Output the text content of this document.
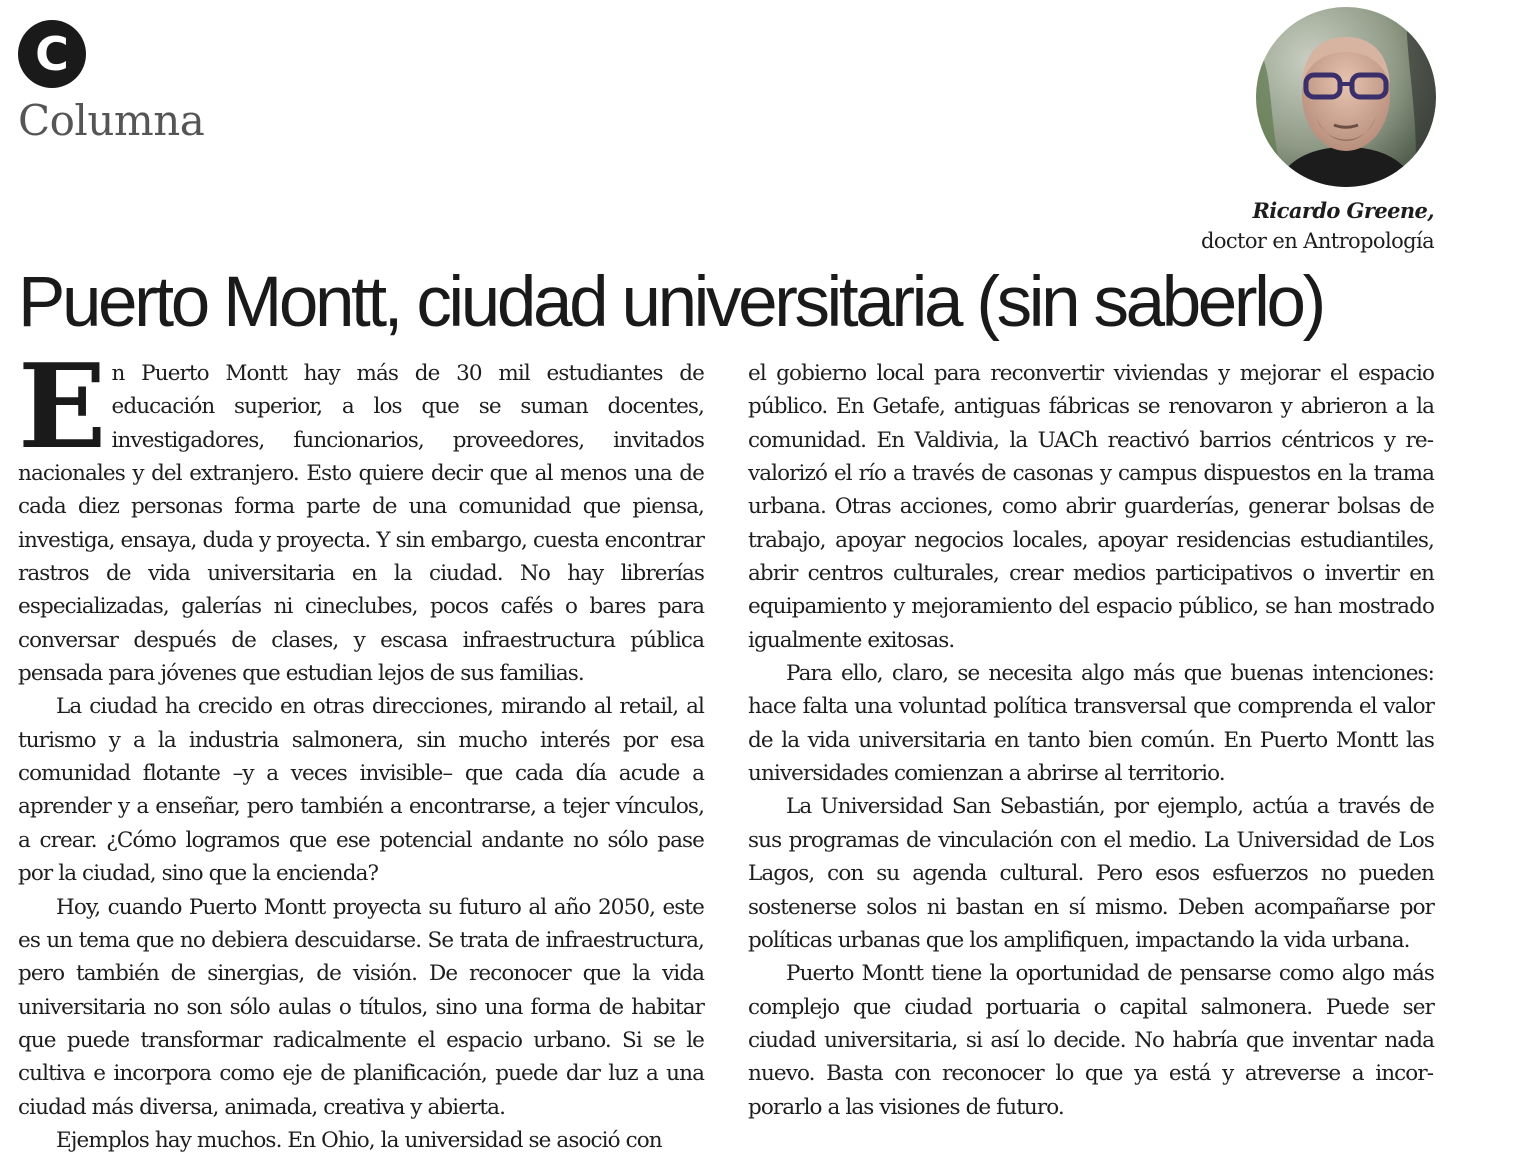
C
Columna
Ricardo Greene,
doctor en Antropología
Puerto Montt, ciudad universitaria (sin saberlo)

En Puerto Montt hay más de 30 mil estudiantes de educación superior, a los que se suman docentes, investigadores, funcionarios, proveedores, invitados nacionales y del extranjero. Esto quiere decir que al menos una de cada diez personas forma parte de una comunidad que piensa, investiga, ensaya, duda y proyecta. Y sin embargo, cuesta encontrar rastros de vida universitaria en la ciudad. No hay librerías especializadas, galerías ni cineclubes, pocos cafés o bares para conversar después de clases, y escasa infraestructura pública pensada para jóvenes que estudian lejos de sus familias.

La ciudad ha crecido en otras direcciones, mirando al retail, al turismo y a la industria salmonera, sin mucho interés por esa comunidad flotante –y a veces invisible– que cada día acude a aprender y a enseñar, pero también a encontrarse, a tejer vínculos, a crear. ¿Cómo logramos que ese potencial andante no sólo pase por la ciudad, sino que la encienda?

Hoy, cuando Puerto Montt proyecta su futuro al año 2050, este es un tema que no debiera descuidarse. Se trata de infraestructura, pero también de sinergias, de visión. De reconocer que la vida universitaria no son sólo aulas o títulos, sino una forma de habitar que puede transformar radicalmente el espacio urbano. Si se le cultiva e incorpora como eje de planificación, puede dar luz a una ciudad más diversa, animada, creativa y abierta.

Ejemplos hay muchos. En Ohio, la universidad se asoció con

el gobierno local para reconvertir viviendas y mejorar el espacio público. En Getafe, antiguas fábricas se renovaron y abrieron a la comunidad. En Valdivia, la UACh reactivó barrios céntricos y revalorizó el río a través de casonas y campus dispuestos en la trama urbana. Otras acciones, como abrir guarderías, generar bolsas de trabajo, apoyar negocios locales, apoyar residencias estudiantiles, abrir centros culturales, crear medios participativos o invertir en equipamiento y mejoramiento del espacio público, se han mostrado igualmente exitosas.

Para ello, claro, se necesita algo más que buenas intenciones: hace falta una voluntad política transversal que comprenda el valor de la vida universitaria en tanto bien común. En Puerto Montt las universidades comienzan a abrirse al territorio.

La Universidad San Sebastián, por ejemplo, actúa a través de sus programas de vinculación con el medio. La Universidad de Los Lagos, con su agenda cultural. Pero esos esfuerzos no pueden sostenerse solos ni bastan en sí mismo. Deben acompañarse por políticas urbanas que los amplifiquen, impactando la vida urbana.

Puerto Montt tiene la oportunidad de pensarse como algo más complejo que ciudad portuaria o capital salmonera. Puede ser ciudad universitaria, si así lo decide. No habría que inventar nada nuevo. Basta con reconocer lo que ya está y atreverse a incorporarlo a las visiones de futuro.
